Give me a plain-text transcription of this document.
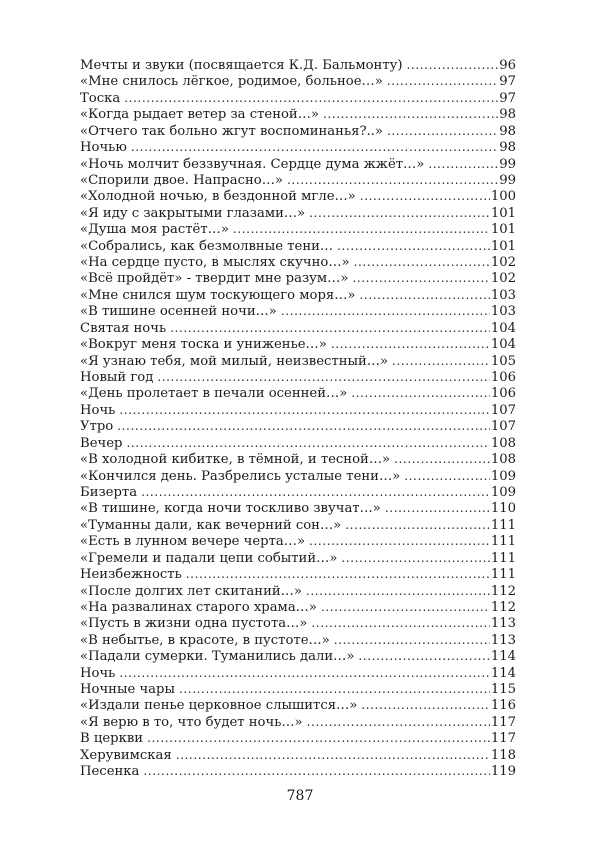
Мечты и звуки (посвящается К.Д. Бальмонту) .....	96
«Мне снилось лёгкое, родимое, больное…» .....	97
Тоска .....	97
«Когда рыдает ветер за стеной…» .....	98
«Отчего так больно жгут воспоминанья?..» .....	98
Ночью .....	98
«Ночь молчит беззвучная. Сердце дума жжёт…» .....	99
«Спорили двое. Напрасно…» .....	99
«Холодной ночью, в бездонной мгле…» .....	100
«Я иду с закрытыми глазами…» .....	101
«Душа моя растёт…» .....	101
«Собрались, как безмолвные тени… .....	101
«На сердце пусто, в мыслях скучно…» .....	102
«Всё пройдёт» - твердит мне разум…» .....	102
«Мне снился шум тоскующего моря…» .....	103
«В тишине осенней ночи…» .....	103
Святая ночь .....	104
«Вокруг меня тоска и униженье…» .....	104
«Я узнаю тебя, мой милый, неизвестный…» .....	105
Новый год .....	106
«День пролетает в печали осенней…» .....	106
Ночь .....	107
Утро .....	107
Вечер .....	108
«В холодной кибитке, в тёмной, и тесной…» .....	108
«Кончился день. Разбрелись усталые тени…» .....	109
Бизерта .....	109
«В тишине, когда ночи тоскливо звучат…» .....	110
«Туманны дали, как вечерний сон…» .....	111
«Есть в лунном вечере черта…» .....	111
«Гремели и падали цепи событий…» .....	111
Неизбежность .....	111
«После долгих лет скитаний…» .....	112
«На развалинах старого храма…» .....	112
«Пусть в жизни одна пустота…» .....	113
«В небытье, в красоте, в пустоте…» .....	113
«Падали сумерки. Туманились дали…» .....	114
Ночь .....	114
Ночные чары .....	115
«Издали пенье церковное слышится…» .....	116
«Я верю в то, что будет ночь…» .....	117
В церкви .....	117
Херувимская .....	118
Песенка .....	119
787
